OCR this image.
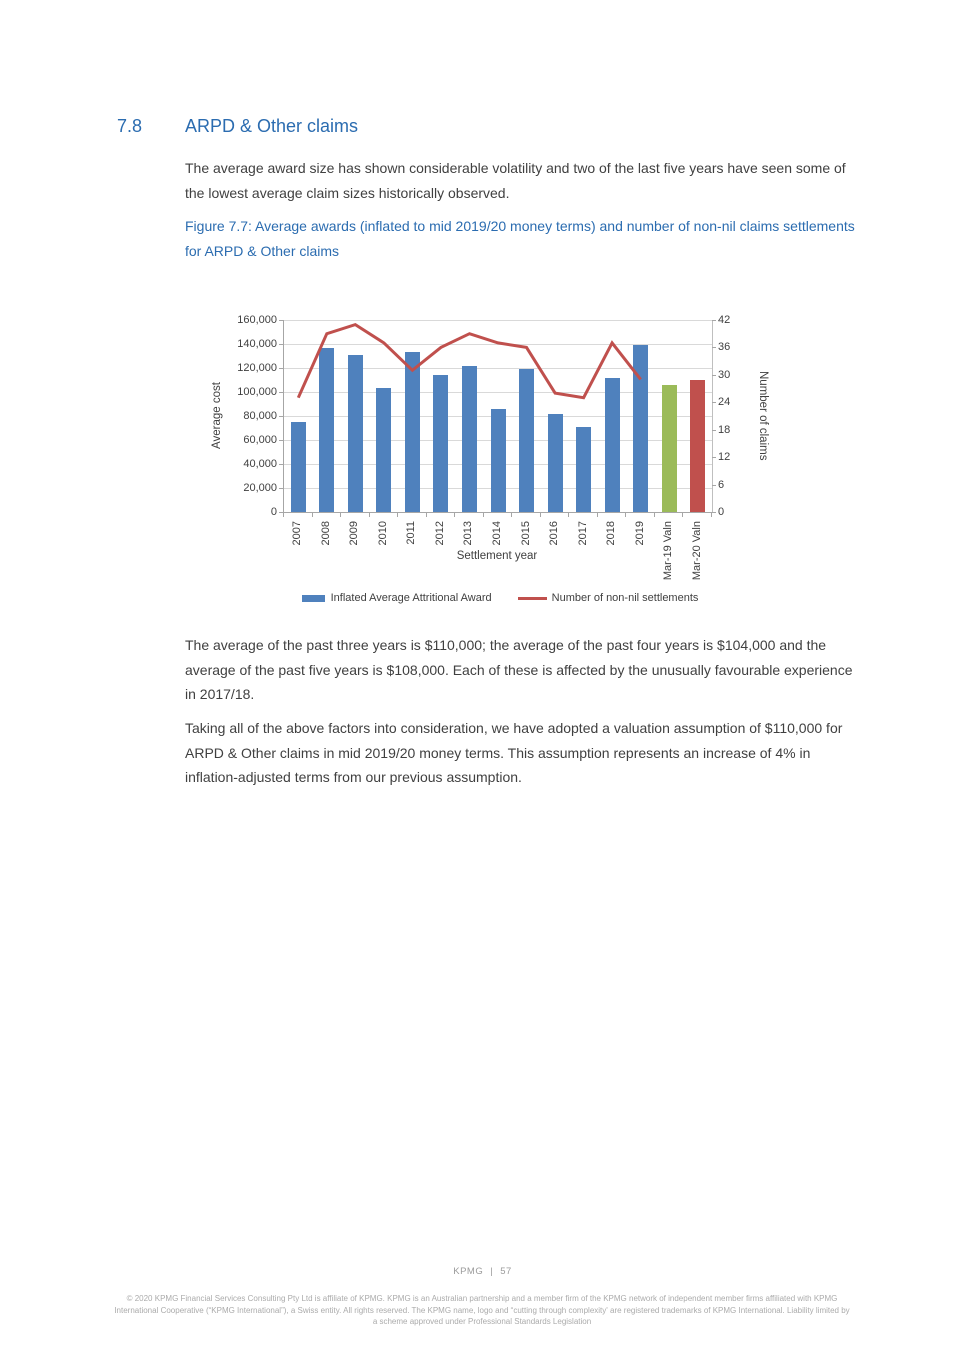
7.8 ARPD & Other claims

The average award size has shown considerable volatility and two of the last five years have seen some of the lowest average claim sizes historically observed.

Figure 7.7: Average awards (inflated to mid 2019/20 money terms) and number of non-nil claims settlements for ARPD & Other claims

Average cost	Number of claims
Settlement year
Inflated Average Attritional Award	Number of non-nil settlements
0
20,000
40,000
60,000
80,000
100,000
120,000
140,000
160,000
0
6
12
18
24
30
36
42
2007 2008 2009 2010 2011 2012 2013 2014 2015 2016 2017 2018 2019 Mar-19 Valn Mar-20 Valn

The average of the past three years is $110,000; the average of the past four years is $104,000 and the average of the past five years is $108,000. Each of these is affected by the unusually favourable experience in 2017/18.

Taking all of the above factors into consideration, we have adopted a valuation assumption of $110,000 for ARPD & Other claims in mid 2019/20 money terms. This assumption represents an increase of 4% in inflation-adjusted terms from our previous assumption.

KPMG | 57
© 2020 KPMG Financial Services Consulting Pty Ltd is affiliate of KPMG. KPMG is an Australian partnership and a member firm of the KPMG network of independent member firms affiliated with KPMG International Cooperative (“KPMG International”), a Swiss entity. All rights reserved. The KPMG name, logo and “cutting through complexity' are registered trademarks of KPMG International. Liability limited by a scheme approved under Professional Standards Legislation
